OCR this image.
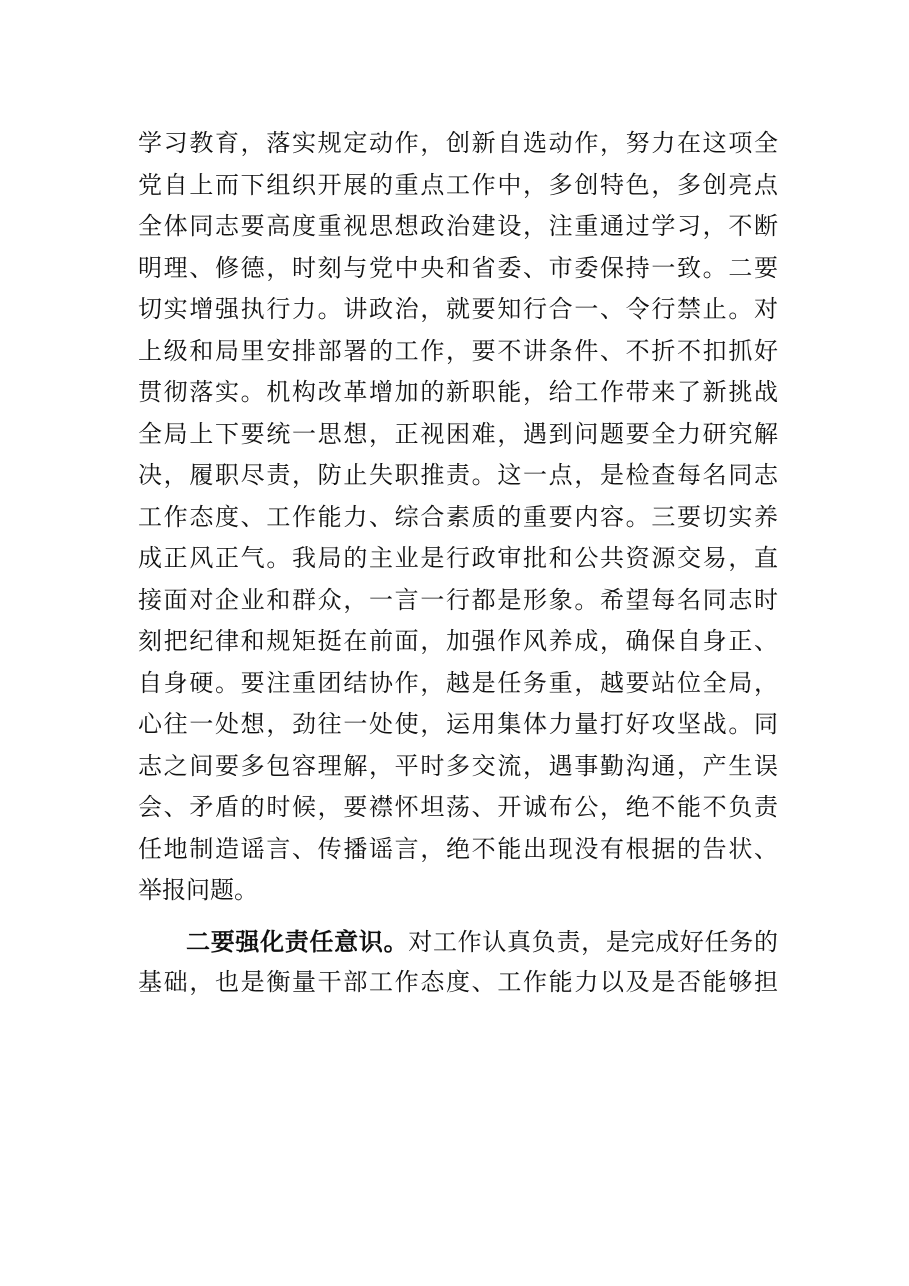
学习教育，落实规定动作，创新自选动作，努力在这项全
党自上而下组织开展的重点工作中，多创特色，多创亮点
全体同志要高度重视思想政治建设，注重通过学习，不断
明理、修德，时刻与党中央和省委、市委保持一致。二要
切实增强执行力。讲政治，就要知行合一、令行禁止。对
上级和局里安排部署的工作，要不讲条件、不折不扣抓好
贯彻落实。机构改革增加的新职能，给工作带来了新挑战
全局上下要统一思想，正视困难，遇到问题要全力研究解
决，履职尽责，防止失职推责。这一点，是检查每名同志
工作态度、工作能力、综合素质的重要内容。三要切实养
成正风正气。我局的主业是行政审批和公共资源交易，直
接面对企业和群众，一言一行都是形象。希望每名同志时
刻把纪律和规矩挺在前面，加强作风养成，确保自身正、
自身硬。要注重团结协作，越是任务重，越要站位全局，
心往一处想，劲往一处使，运用集体力量打好攻坚战。同
志之间要多包容理解，平时多交流，遇事勤沟通，产生误
会、矛盾的时候，要襟怀坦荡、开诚布公，绝不能不负责
任地制造谣言、传播谣言，绝不能出现没有根据的告状、
举报问题。
二要强化责任意识。对工作认真负责，是完成好任务的
基础，也是衡量干部工作态度、工作能力以及是否能够担
